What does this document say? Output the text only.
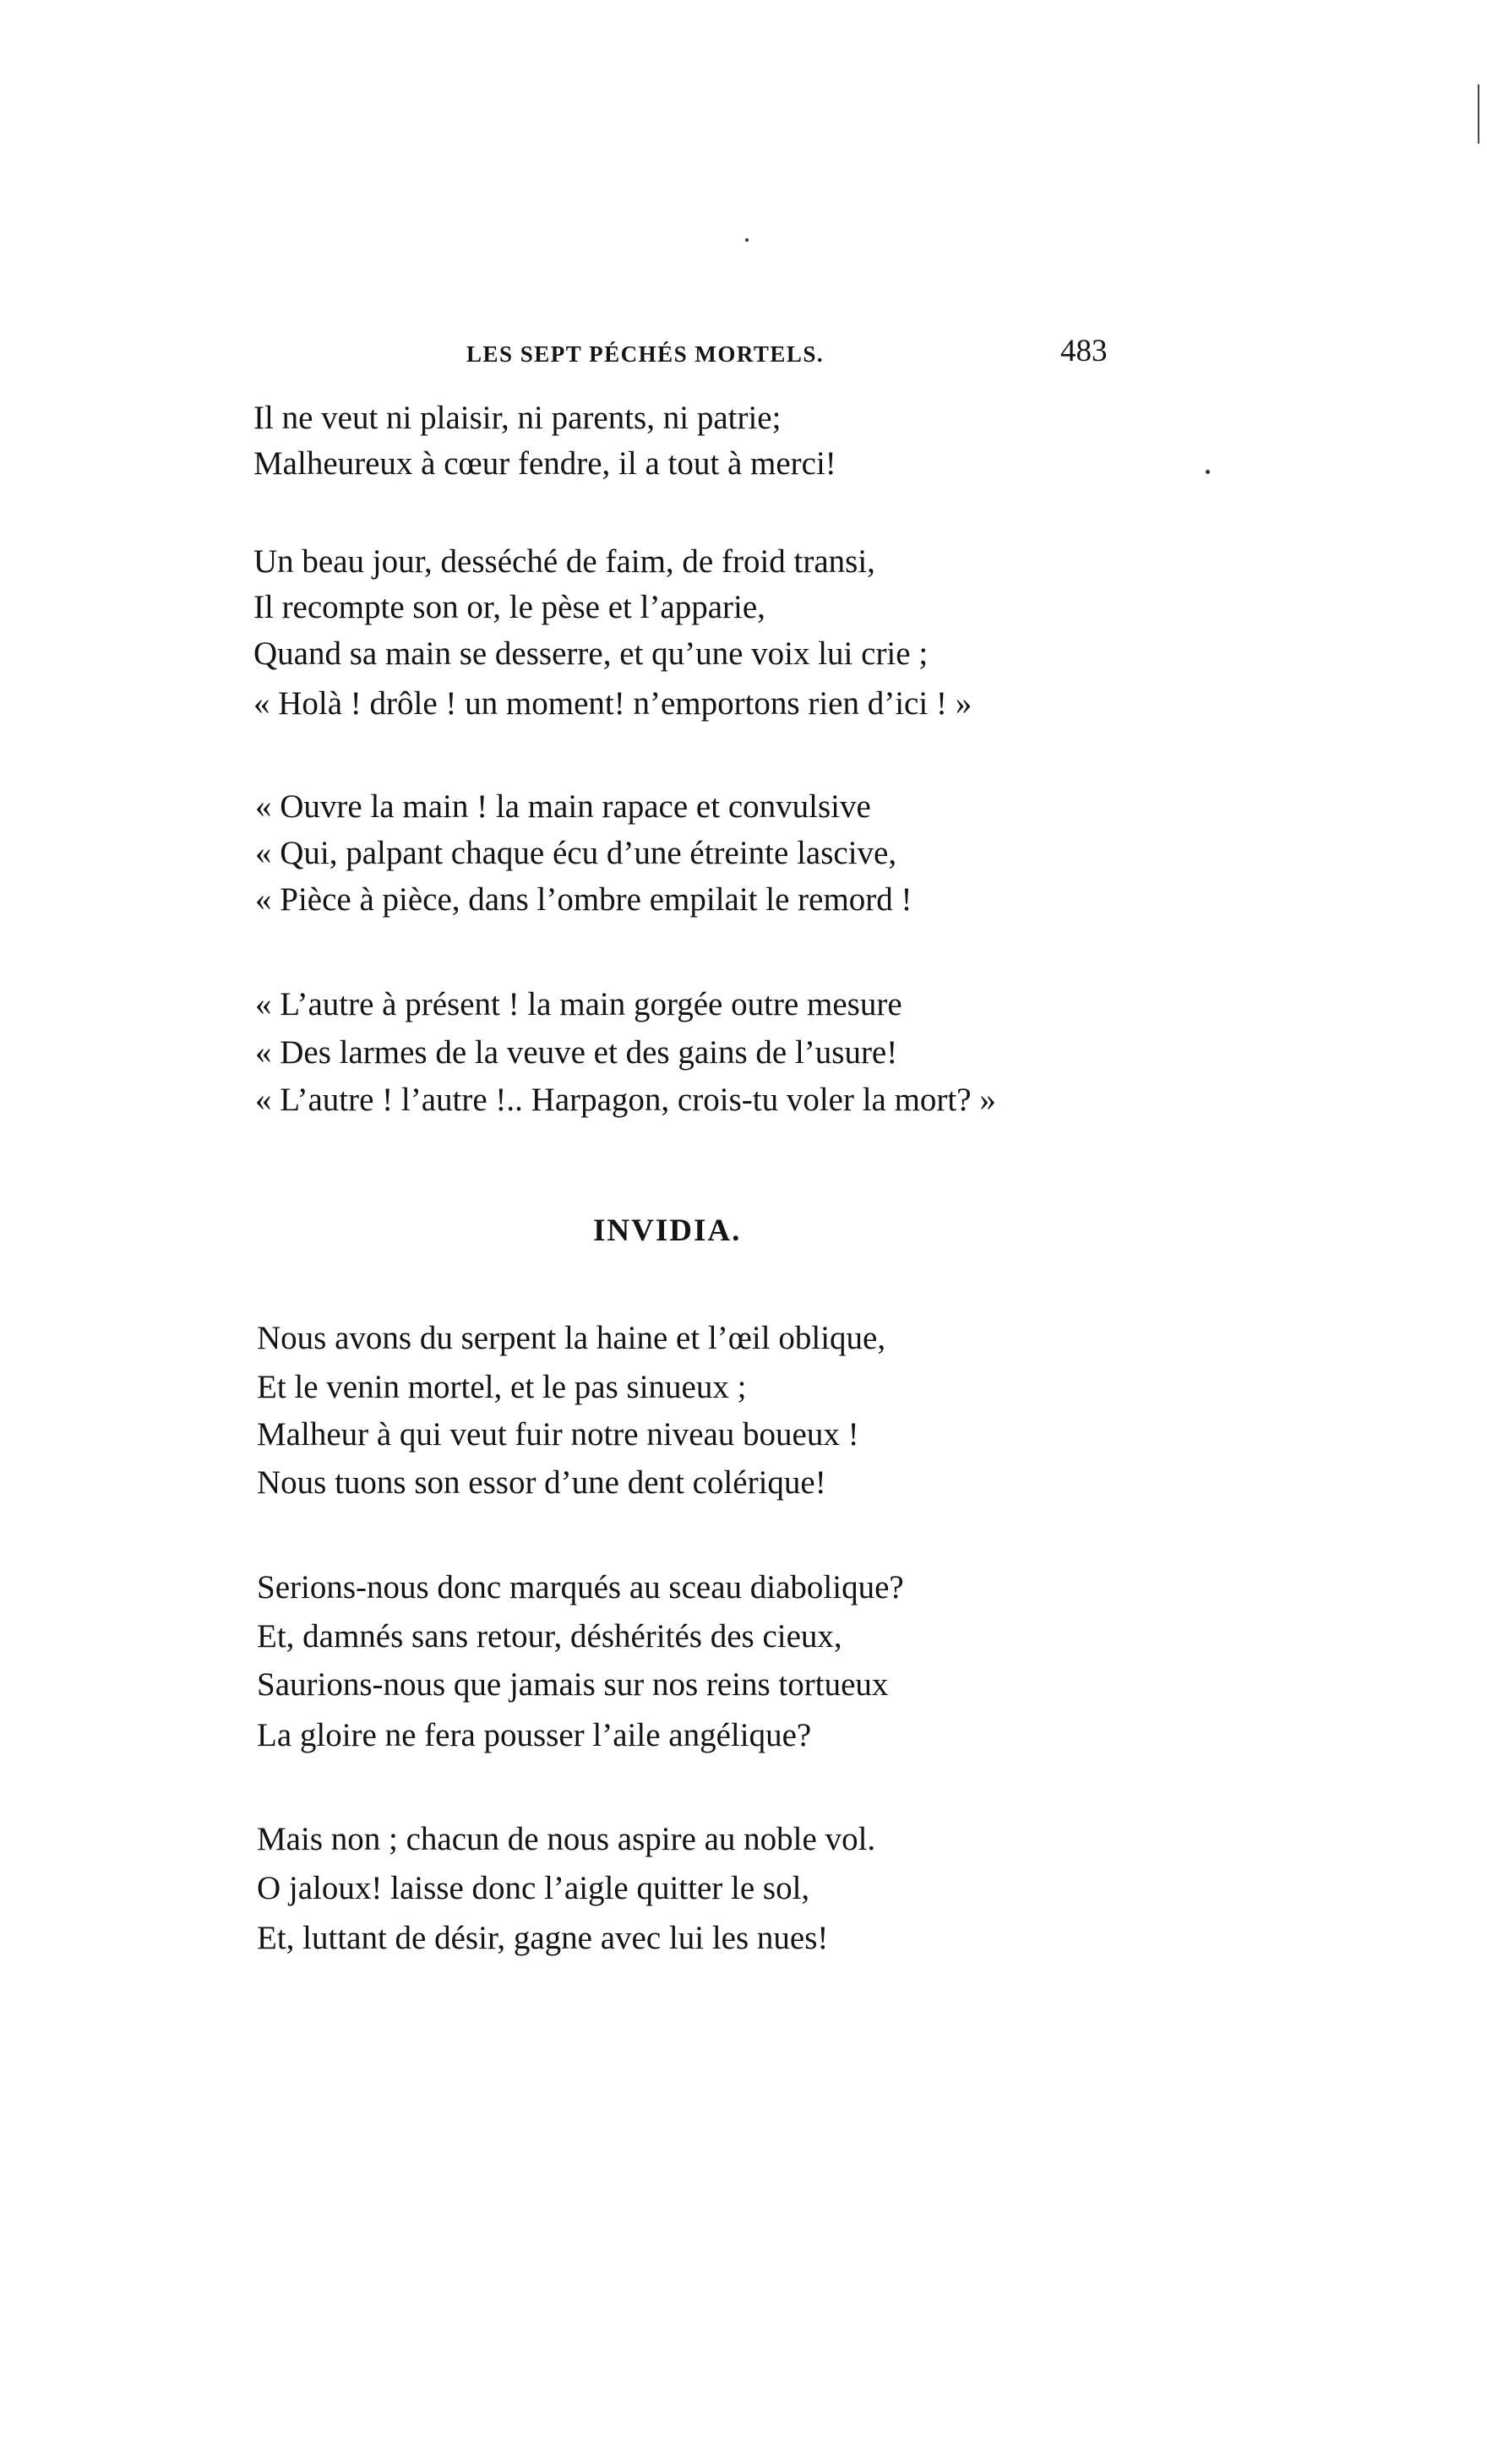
LES SEPT PÉCHÉS MORTELS.	483
Il ne veut ni plaisir, ni parents, ni patrie;
Malheureux à cœur fendre, il a tout à merci!
Un beau jour, desséché de faim, de froid transi,
Il recompte son or, le pèse et l’apparie,
Quand sa main se desserre, et qu’une voix lui crie ;
« Holà ! drôle ! un moment! n’emportons rien d’ici ! »
« Ouvre la main ! la main rapace et convulsive
« Qui, palpant chaque écu d’une étreinte lascive,
« Pièce à pièce, dans l’ombre empilait le remord !
« L’autre à présent ! la main gorgée outre mesure
« Des larmes de la veuve et des gains de l’usure!
« L’autre ! l’autre !.. Harpagon, crois-tu voler la mort? »
INVIDIA.
Nous avons du serpent la haine et l’œil oblique,
Et le venin mortel, et le pas sinueux ;
Malheur à qui veut fuir notre niveau boueux !
Nous tuons son essor d’une dent colérique!
Serions-nous donc marqués au sceau diabolique?
Et, damnés sans retour, déshérités des cieux,
Saurions-nous que jamais sur nos reins tortueux
La gloire ne fera pousser l’aile angélique?
Mais non ; chacun de nous aspire au noble vol.
O jaloux! laisse donc l’aigle quitter le sol,
Et, luttant de désir, gagne avec lui les nues!
